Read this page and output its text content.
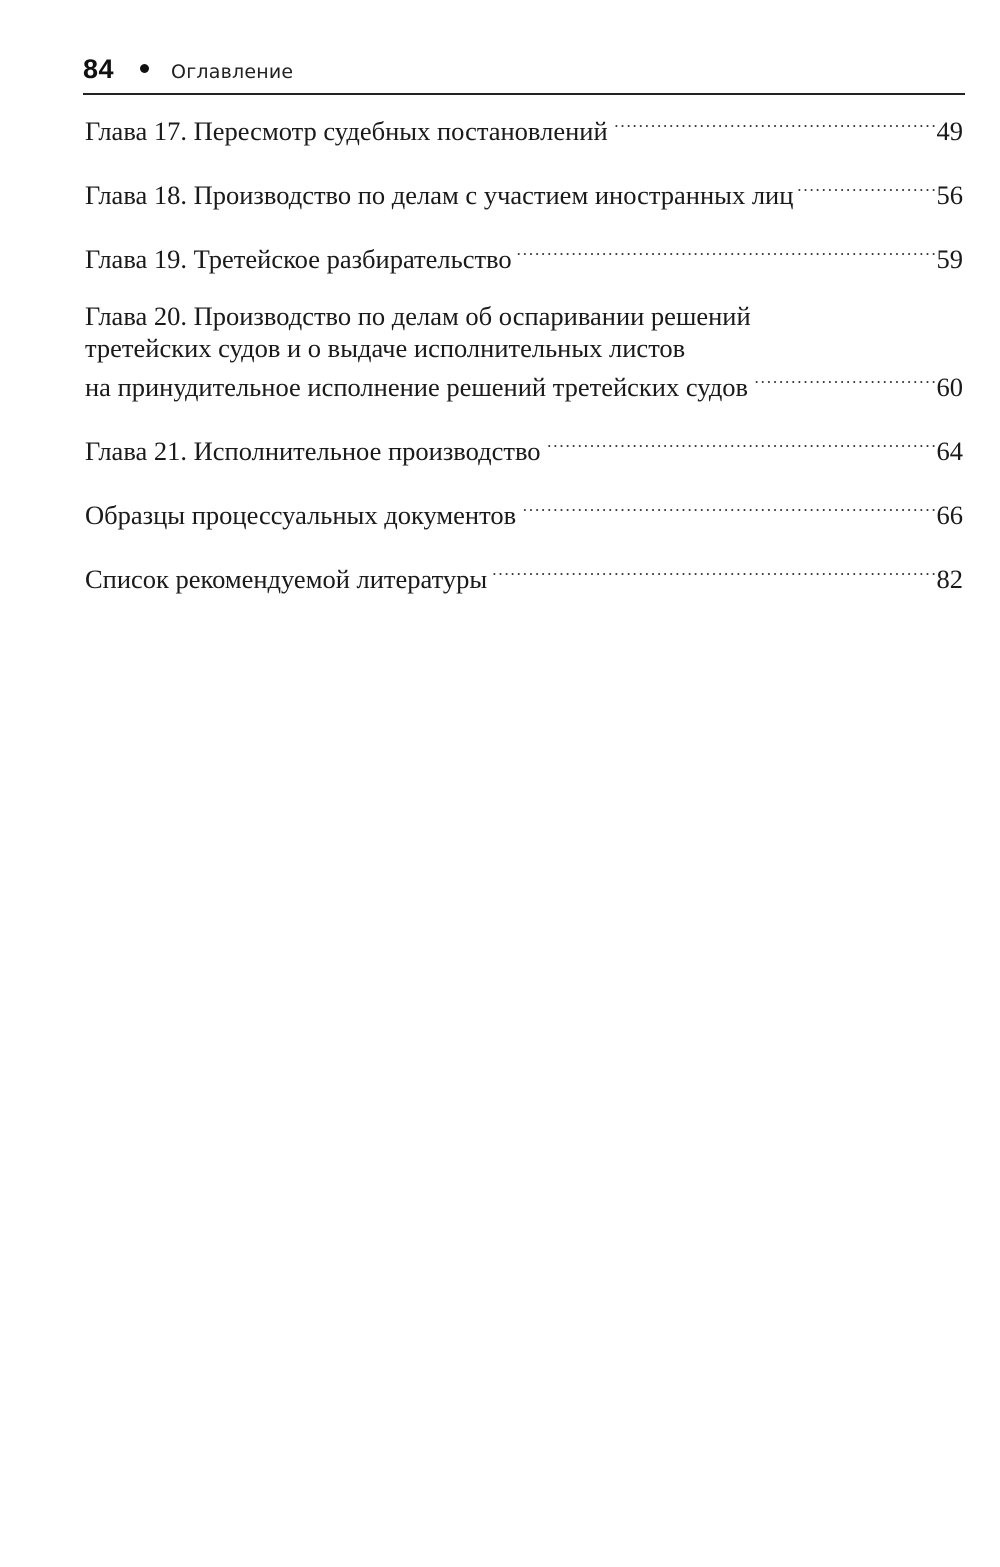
84	Оглавление
Глава 17. Пересмотр судебных постановлений . . .	49
Глава 18. Производство по делам с участием иностранных лиц . . .	56
Глава 19. Третейское разбирательство . . .	59
Глава 20. Производство по делам об оспаривании решений
третейских судов и о выдаче исполнительных листов
на принудительное исполнение решений третейских судов . . .	60
Глава 21. Исполнительное производство . . .	64
Образцы процессуальных документов . . .	66
Список рекомендуемой литературы . . .	82
